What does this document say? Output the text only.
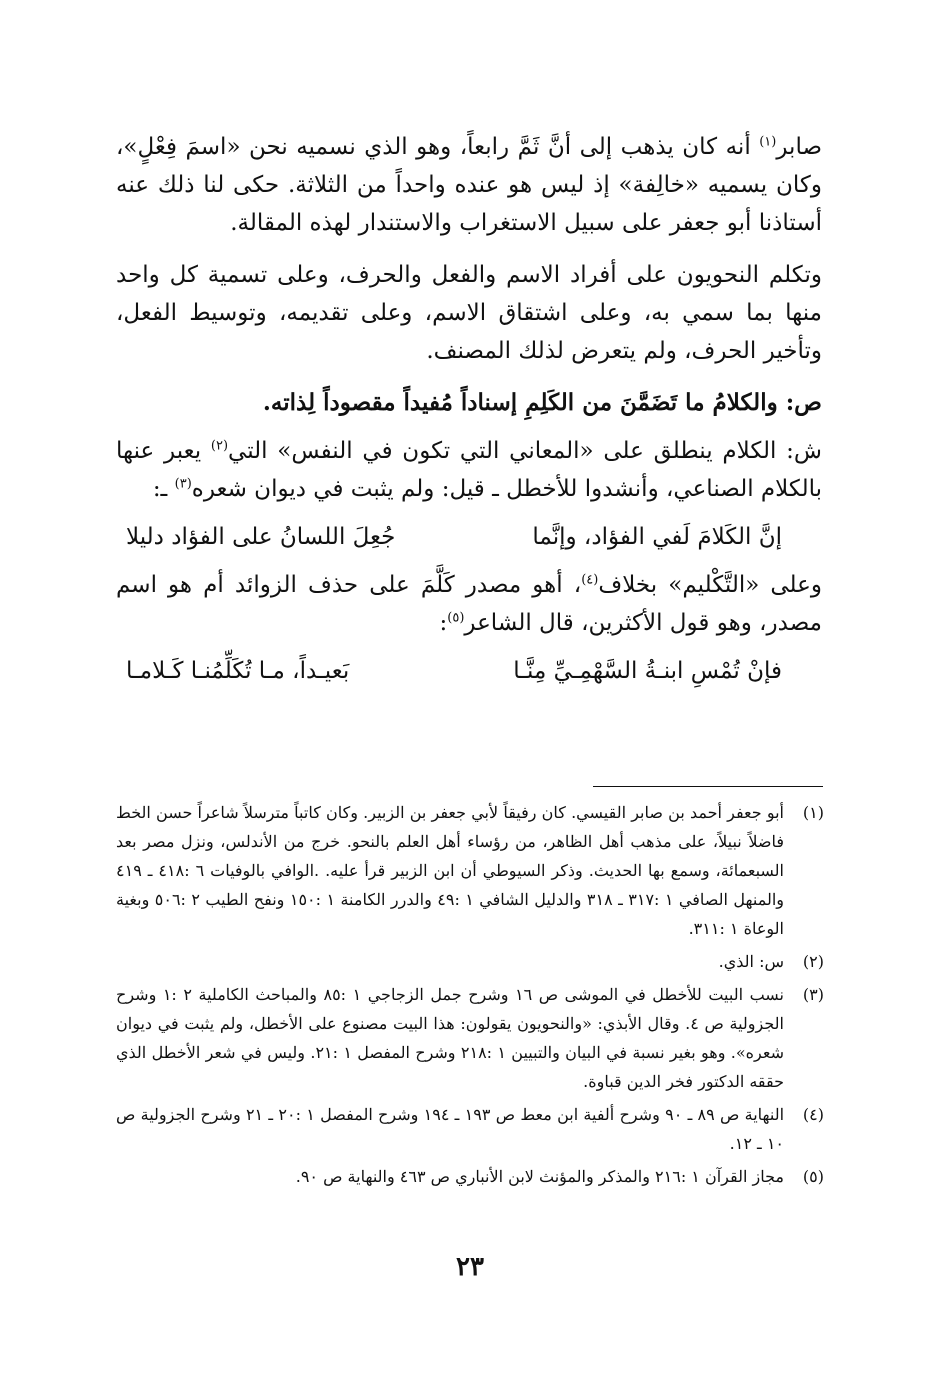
صابر$^{(١)}$ أنه كان يذهب إلى أنَّ ثَمَّ رابعاً، وهو الذي نسميه نحن «اسمَ فِعْلٍ»، وكان يسميه «خالِفة» إذ ليس هو عنده واحداً من الثلاثة. حكى لنا ذلك عنه أستاذنا أبو جعفر على سبيل الاستغراب والاستندار لهذه المقالة.

وتكلم النحويون على أفراد الاسم والفعل والحرف، وعلى تسمية كل واحد منها بما سمي به، وعلى اشتقاق الاسم، وعلى تقديمه، وتوسيط الفعل، وتأخير الحرف، ولم يتعرض لذلك المصنف.

ص: والكلامُ ما تَضَمَّنَ من الكَلِمِ إسناداً مُفيداً مقصوداً لِذاته.

ش: الكلام ينطلق على «المعاني التي تكون في النفس» التي$^{(٢)}$ يعبر عنها بالكلام الصناعي، وأنشدوا للأخطل ـ قيل: ولم يثبت في ديوان شعره$^{(٣)}$ ـ:

إنَّ الكَلامَ لَفي الفؤاد، وإنَّما
جُعِلَ اللسانُ على الفؤاد دليلا

وعلى «التَّكْليم» بخلاف$^{(٤)}$، أهو مصدر كَلَّمَ على حذف الزوائد أم هو اسم مصدر، وهو قول الأكثرين، قال الشاعر$^{(٥)}$:

فإنْ تُمْسِ ابنـةُ السَّهْمِـيِّ مِنَّـا
بَعيـداً، مـا تُكَلِّمُنـا كَـلامـا
(١)
أبو جعفر أحمد بن صابر القيسي. كان رفيقاً لأبي جعفر بن الزبير. وكان كاتباً مترسلاً شاعراً حسن الخط فاضلاً نبيلاً، على مذهب أهل الظاهر، من رؤساء أهل العلم بالنحو. خرج من الأندلس، ونزل مصر بعد السبعمائة، وسمع بها الحديث. وذكر السيوطي أن ابن الزبير قرأ عليه. .الوافي بالوفيات ٦ :٤١٨ ـ ٤١٩ والمنهل الصافي ١ :٣١٧ ـ ٣١٨ والدليل الشافي ١ :٤٩ والدرر الكامنة ١ :١٥٠ ونفح الطيب ٢ :٥٠٦ وبغية الوعاة ١ :٣١١.
(٢)
س: الذي.
(٣)
نسب البيت للأخطل في الموشى ص ١٦ وشرح جمل الزجاجي ١ :٨٥ والمباحث الكاملية ٢ :١ وشرح الجزولية ص ٤. وقال الأبذي: «والنحويون يقولون: هذا البيت مصنوع على الأخطل، ولم يثبت في ديوان شعره». وهو بغير نسبة في البيان والتبيين ١ :٢١٨ وشرح المفصل ١ :٢١. وليس في شعر الأخطل الذي حققه الدكتور فخر الدين قباوة.
(٤)
النهاية ص ٨٩ ـ ٩٠ وشرح ألفية ابن معط ص ١٩٣ ـ ١٩٤ وشرح المفصل ١ :٢٠ ـ ٢١ وشرح الجزولية ص ١٠ ـ ١٢.
(٥)
مجاز القرآن ١ :٢١٦ والمذكر والمؤنث لابن الأنباري ص ٤٦٣ والنهاية ص ٩٠.
٢٣
